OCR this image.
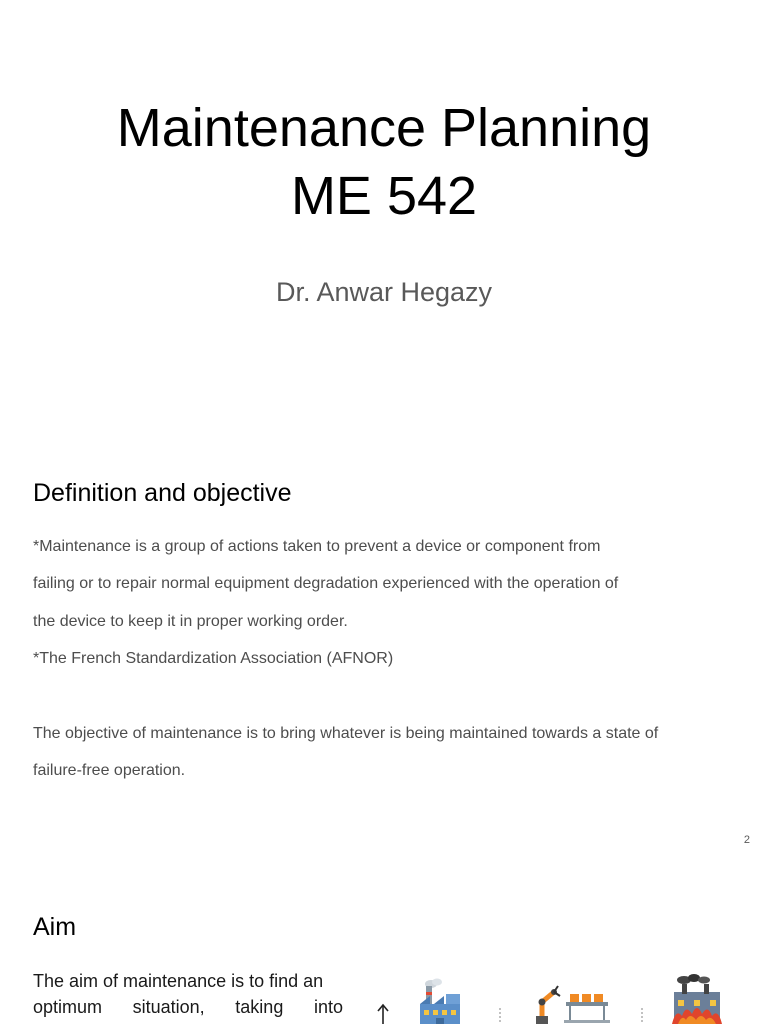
Maintenance Planning
ME 542
Dr. Anwar Hegazy
Definition and objective
*Maintenance is a group of actions taken to prevent a device or component from
failing or to repair normal equipment degradation experienced with the operation of
the device to keep it in proper working order.
*The French Standardization Association (AFNOR)
The objective of maintenance is to bring whatever is being maintained towards a state of
failure-free operation.
2
Aim
The aim of maintenance is to find an
optimum situation, taking into
